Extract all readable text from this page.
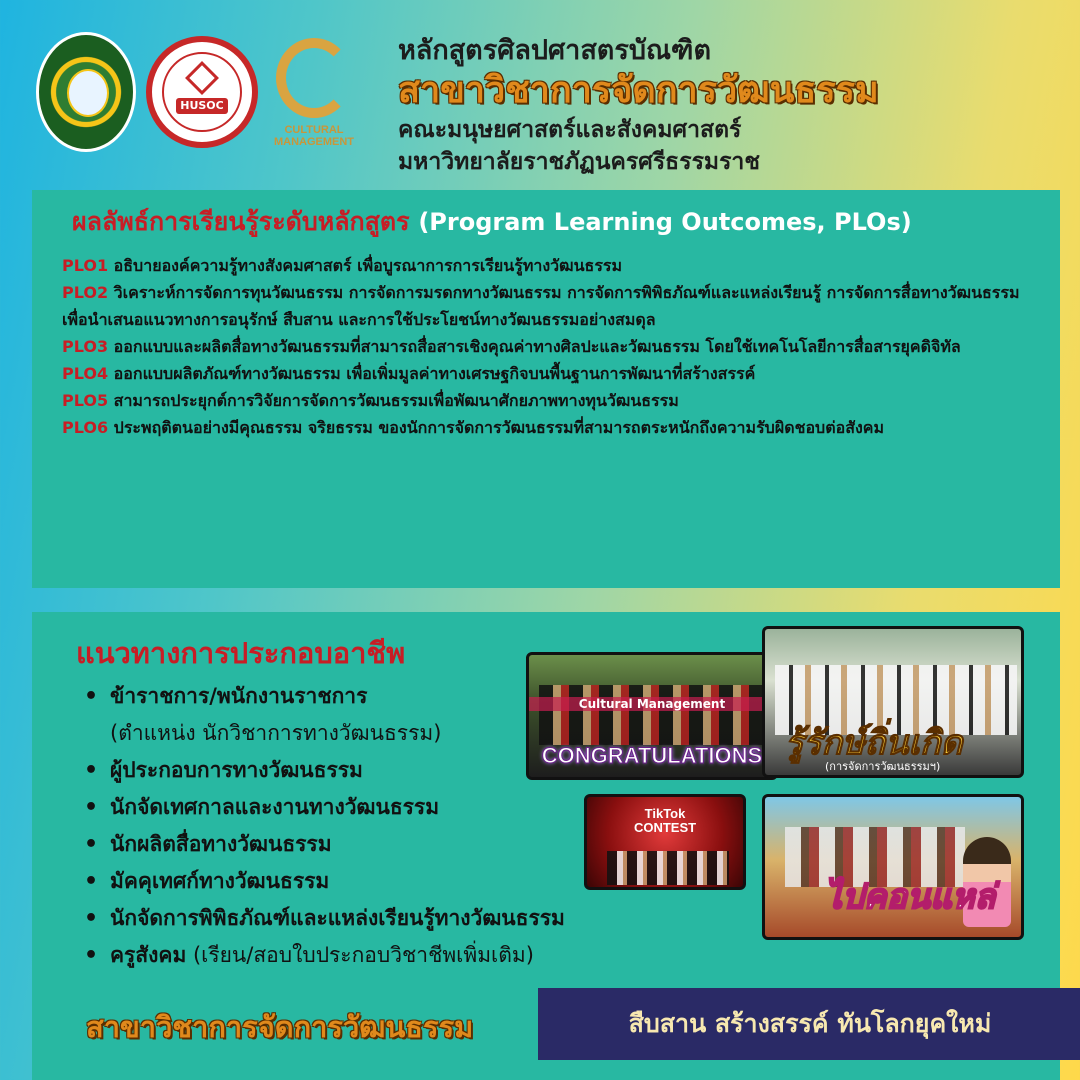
HUSOC
CULTURAL
MANAGEMENT
หลักสูตรศิลปศาสตรบัณฑิต
สาขาวิชาการจัดการวัฒนธรรม
คณะมนุษยศาสตร์และสังคมศาสตร์
มหาวิทยาลัยราชภัฏนครศรีธรรมราช
ผลลัพธ์การเรียนรู้ระดับหลักสูตร (Program Learning Outcomes, PLOs)
PLO1 อธิบายองค์ความรู้ทางสังคมศาสตร์ เพื่อบูรณาการการเรียนรู้ทางวัฒนธรรม
PLO2 วิเคราะห์การจัดการทุนวัฒนธรรม การจัดการมรดกทางวัฒนธรรม การจัดการพิพิธภัณฑ์และแหล่งเรียนรู้ การจัดการสื่อทางวัฒนธรรม เพื่อนำเสนอแนวทางการอนุรักษ์ สืบสาน และการใช้ประโยชน์ทางวัฒนธรรมอย่างสมดุล
PLO3 ออกแบบและผลิตสื่อทางวัฒนธรรมที่สามารถสื่อสารเชิงคุณค่าทางศิลปะและวัฒนธรรม โดยใช้เทคโนโลยีการสื่อสารยุคดิจิทัล
PLO4 ออกแบบผลิตภัณฑ์ทางวัฒนธรรม เพื่อเพิ่มมูลค่าทางเศรษฐกิจบนพื้นฐานการพัฒนาที่สร้างสรรค์
PLO5 สามารถประยุกต์การวิจัยการจัดการวัฒนธรรมเพื่อพัฒนาศักยภาพทางทุนวัฒนธรรม
PLO6 ประพฤติตนอย่างมีคุณธรรม จริยธรรม ของนักการจัดการวัฒนธรรมที่สามารถตระหนักถึงความรับผิดชอบต่อสังคม
แนวทางการประกอบอาชีพ
• ข้าราชการ/พนักงานราชการ
(ตำแหน่ง นักวิชาการทางวัฒนธรรม)
• ผู้ประกอบการทางวัฒนธรรม
• นักจัดเทศกาลและงานทางวัฒนธรรม
• นักผลิตสื่อทางวัฒนธรรม
• มัคคุเทศก์ทางวัฒนธรรม
• นักจัดการพิพิธภัณฑ์และแหล่งเรียนรู้ทางวัฒนธรรม
• ครูสังคม (เรียน/สอบใบประกอบวิชาชีพเพิ่มเติม)
Cultural Management
CONGRATULATIONS รู้รักษ์ถิ่นเกิด
(การจัดการวัฒนธรรมฯ)
TikTok
CONTEST
ไปคอนแหล่
สาขาวิชาการจัดการวัฒนธรรม	สืบสาน สร้างสรรค์ ทันโลกยุคใหม่
